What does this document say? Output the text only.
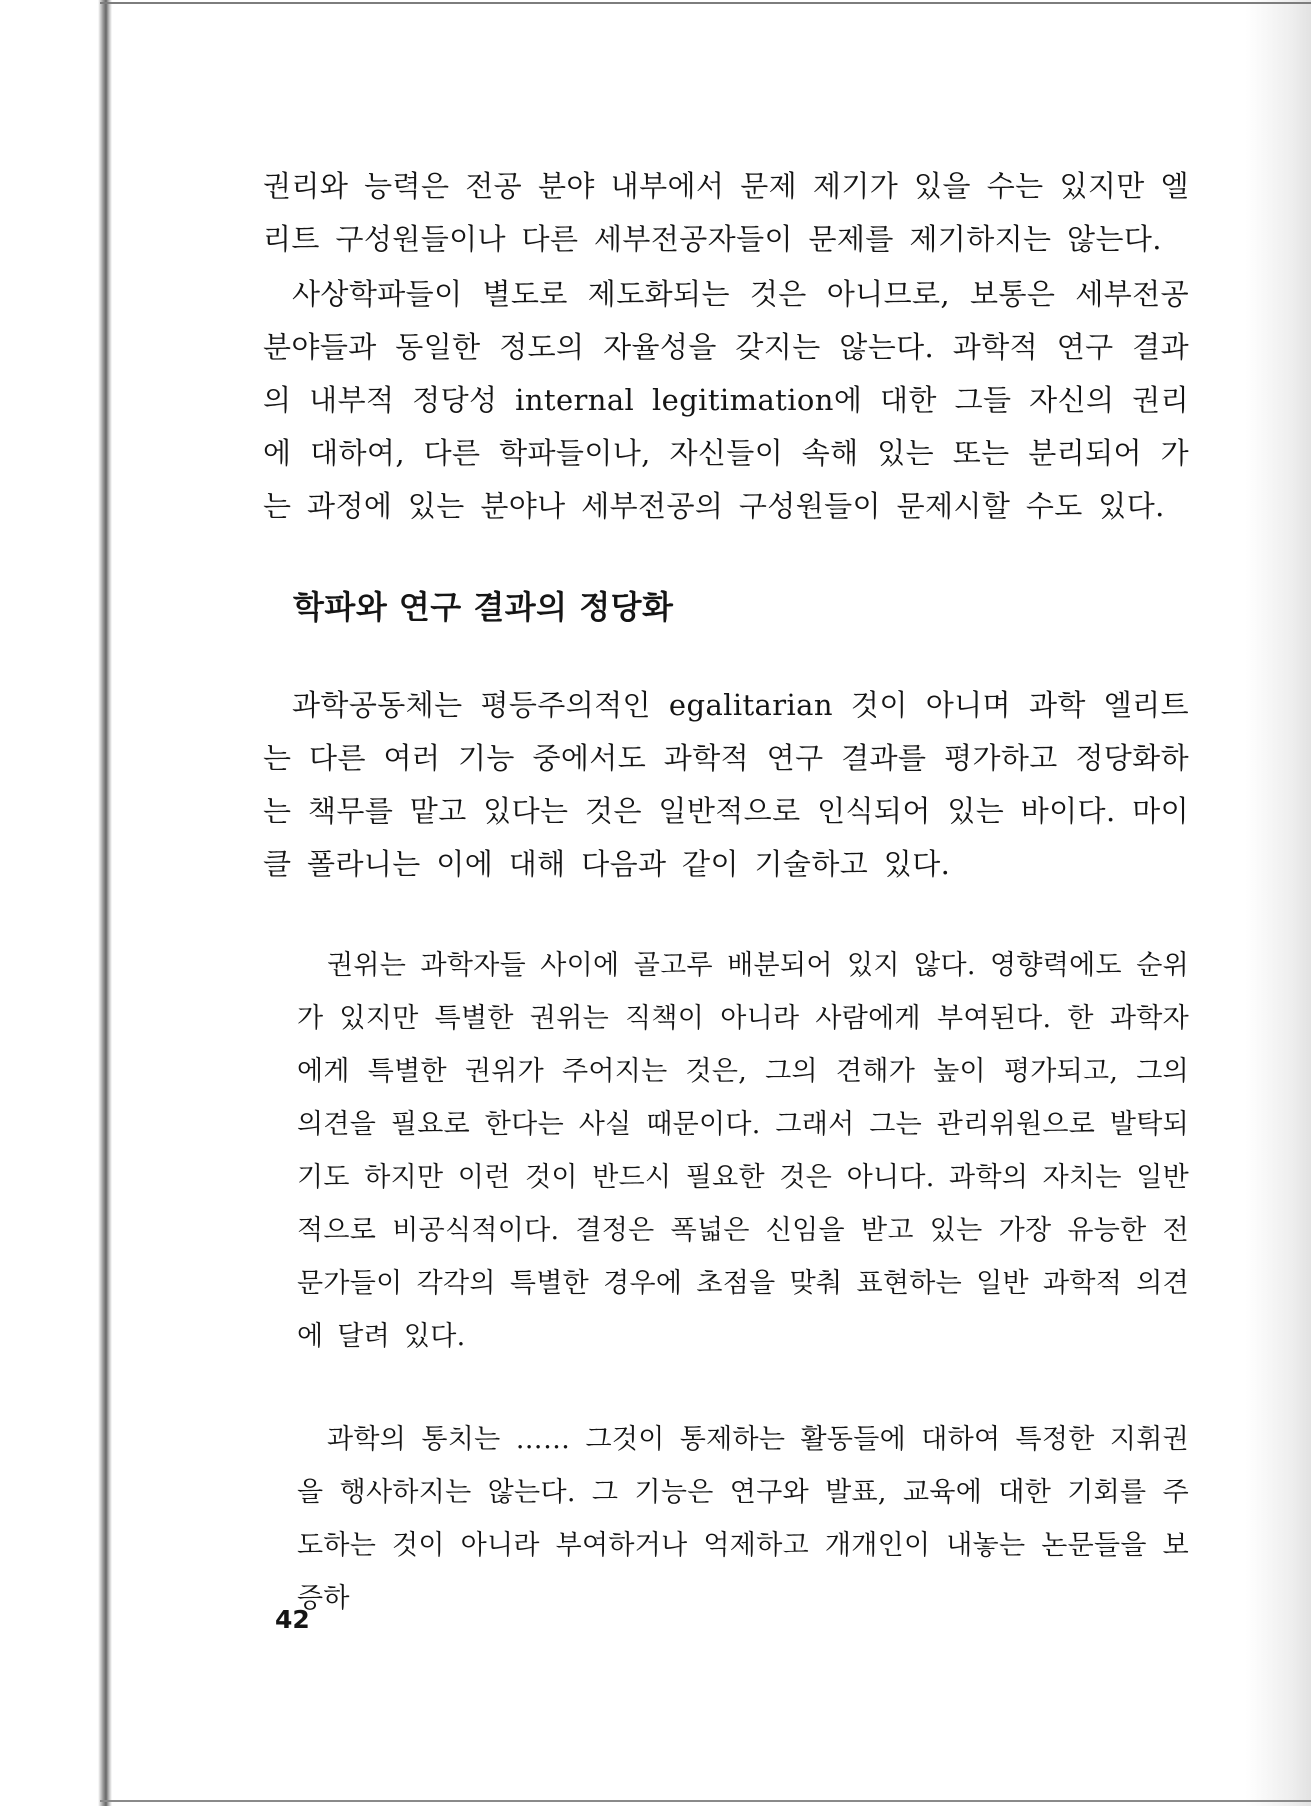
권리와 능력은 전공 분야 내부에서 문제 제기가 있을 수는 있지만 엘리트 구성원들이나 다른 세부전공자들이 문제를 제기하지는 않는다.

사상학파들이 별도로 제도화되는 것은 아니므로, 보통은 세부전공 분야들과 동일한 정도의 자율성을 갖지는 않는다. 과학적 연구 결과의 내부적 정당성 internal legitimation에 대한 그들 자신의 권리에 대하여, 다른 학파들이나, 자신들이 속해 있는 또는 분리되어 가는 과정에 있는 분야나 세부전공의 구성원들이 문제시할 수도 있다.

학파와 연구 결과의 정당화

과학공동체는 평등주의적인 egalitarian 것이 아니며 과학 엘리트는 다른 여러 기능 중에서도 과학적 연구 결과를 평가하고 정당화하는 책무를 맡고 있다는 것은 일반적으로 인식되어 있는 바이다. 마이클 폴라니는 이에 대해 다음과 같이 기술하고 있다.

권위는 과학자들 사이에 골고루 배분되어 있지 않다. 영향력에도 순위가 있지만 특별한 권위는 직책이 아니라 사람에게 부여된다. 한 과학자에게 특별한 권위가 주어지는 것은, 그의 견해가 높이 평가되고, 그의 의견을 필요로 한다는 사실 때문이다. 그래서 그는 관리위원으로 발탁되기도 하지만 이런 것이 반드시 필요한 것은 아니다. 과학의 자치는 일반적으로 비공식적이다. 결정은 폭넓은 신임을 받고 있는 가장 유능한 전문가들이 각각의 특별한 경우에 초점을 맞춰 표현하는 일반 과학적 의견에 달려 있다.

과학의 통치는 …… 그것이 통제하는 활동들에 대하여 특정한 지휘권을 행사하지는 않는다. 그 기능은 연구와 발표, 교육에 대한 기회를 주도하는 것이 아니라 부여하거나 억제하고 개개인이 내놓는 논문들을 보증하

42
